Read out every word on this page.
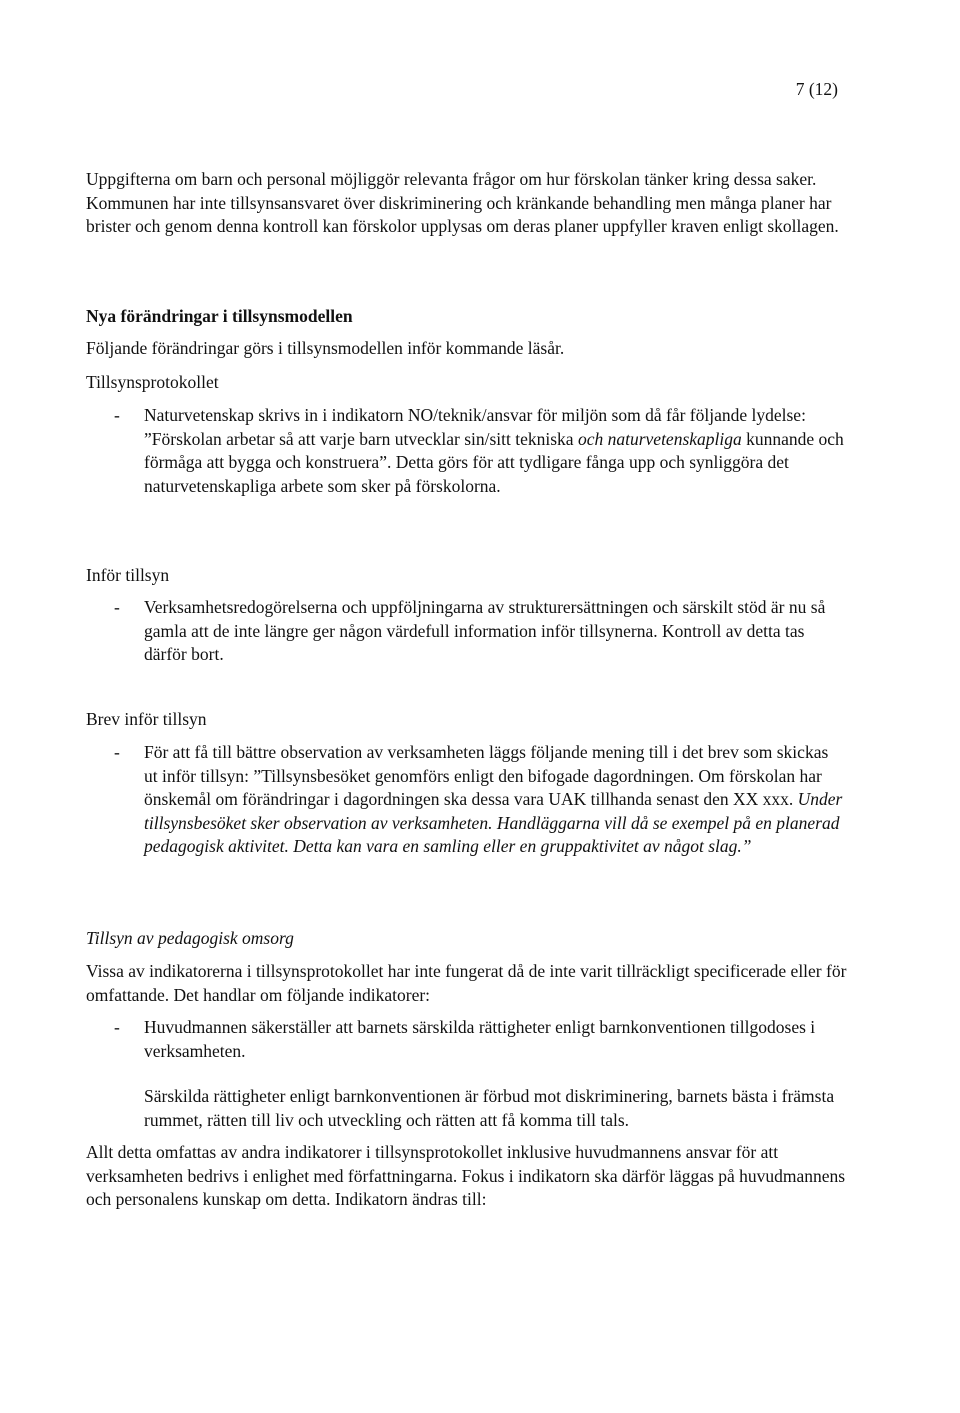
7 (12)

Uppgifterna om barn och personal möjliggör relevanta frågor om hur förskolan tänker kring dessa saker. Kommunen har inte tillsynsansvaret över diskriminering och kränkande behandling men många planer har brister och genom denna kontroll kan förskolor upplysas om deras planer uppfyller kraven enligt skollagen.

Nya förändringar i tillsynsmodellen

Följande förändringar görs i tillsynsmodellen inför kommande läsår.

Tillsynsprotokollet

- Naturvetenskap skrivs in i indikatorn NO/teknik/ansvar för miljön som då får följande lydelse: ”Förskolan arbetar så att varje barn utvecklar sin/sitt tekniska och naturvetenskapliga kunnande och förmåga att bygga och konstruera”. Detta görs för att tydligare fånga upp och synliggöra det naturvetenskapliga arbete som sker på förskolorna.

Inför tillsyn

- Verksamhetsredogörelserna och uppföljningarna av strukturersättningen och särskilt stöd är nu så gamla att de inte längre ger någon värdefull information inför tillsynerna. Kontroll av detta tas därför bort.

Brev inför tillsyn

- För att få till bättre observation av verksamheten läggs följande mening till i det brev som skickas ut inför tillsyn: ”Tillsynsbesöket genomförs enligt den bifogade dagordningen. Om förskolan har önskemål om förändringar i dagordningen ska dessa vara UAK tillhanda senast den XX xxx. Under tillsynsbesöket sker observation av verksamheten. Handläggarna vill då se exempel på en planerad pedagogisk aktivitet. Detta kan vara en samling eller en gruppaktivitet av något slag.”

Tillsyn av pedagogisk omsorg

Vissa av indikatorerna i tillsynsprotokollet har inte fungerat då de inte varit tillräckligt specificerade eller för omfattande. Det handlar om följande indikatorer:

- Huvudmannen säkerställer att barnets särskilda rättigheter enligt barnkonventionen tillgodoses i verksamheten.

Särskilda rättigheter enligt barnkonventionen är förbud mot diskriminering, barnets bästa i främsta rummet, rätten till liv och utveckling och rätten att få komma till tals.

Allt detta omfattas av andra indikatorer i tillsynsprotokollet inklusive huvudmannens ansvar för att verksamheten bedrivs i enlighet med författningarna. Fokus i indikatorn ska därför läggas på huvudmannens och personalens kunskap om detta. Indikatorn ändras till:
